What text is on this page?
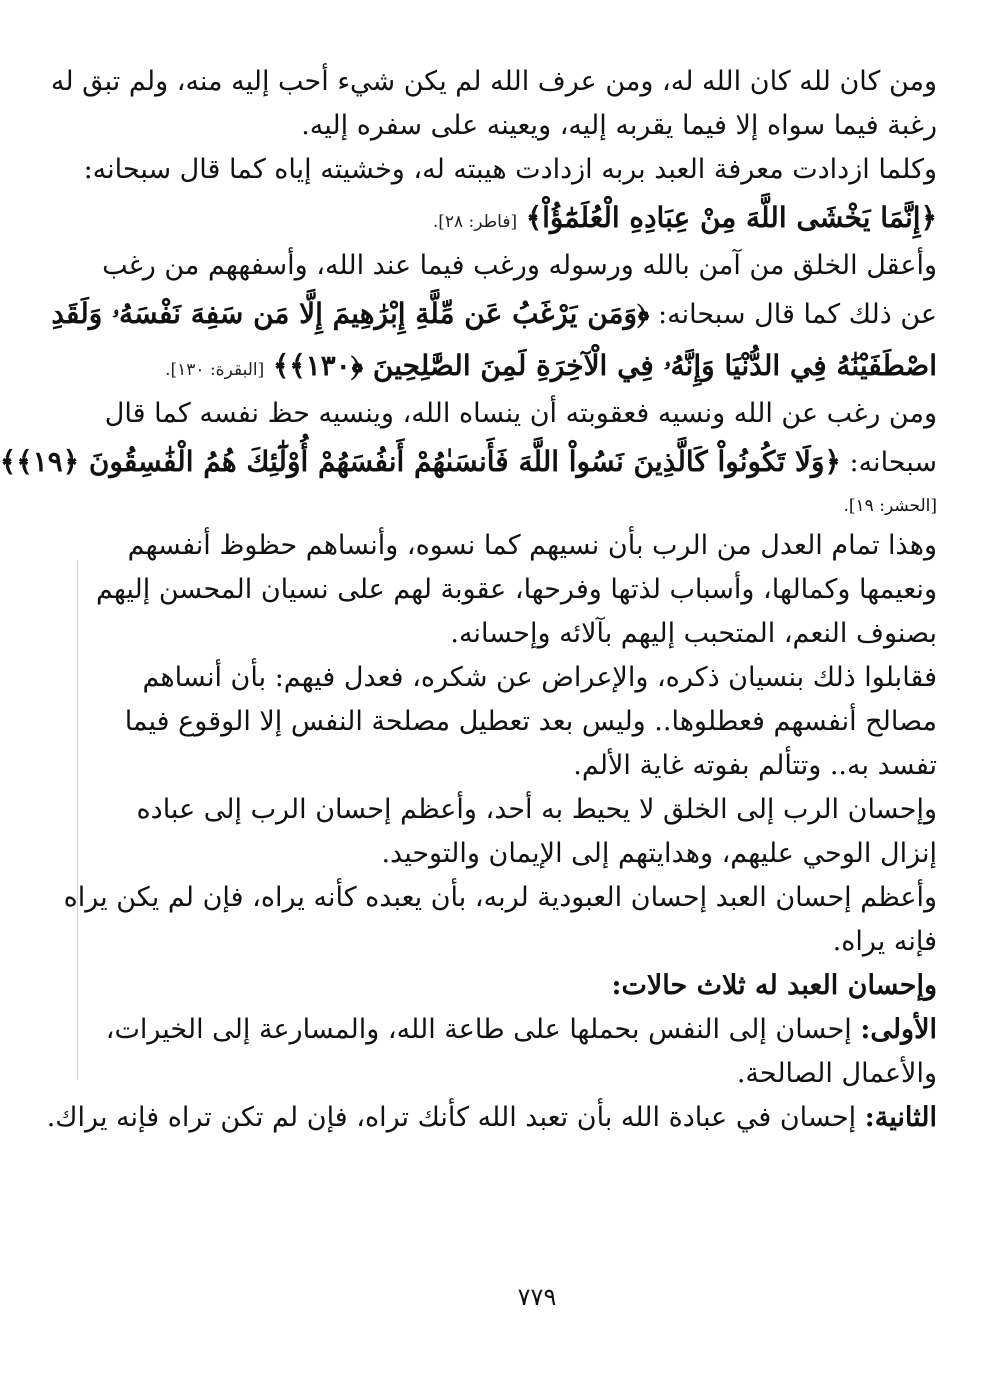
ومن كان لله كان الله له، ومن عرف الله لم يكن شيء أحب إليه منه، ولم تبق له
رغبة فيما سواه إلا فيما يقربه إليه، ويعينه على سفره إليه.
وكلما ازدادت معرفة العبد بربه ازدادت هيبته له، وخشيته إياه كما قال سبحانه:
﴿إِنَّمَا يَخْشَى اللَّهَ مِنْ عِبَادِهِ الْعُلَمَٰٓؤُاْ﴾ [فاطر: ٢٨].
وأعقل الخلق من آمن بالله ورسوله ورغب فيما عند الله، وأسفههم من رغب
عن ذلك كما قال سبحانه: ﴿وَمَن يَرْغَبُ عَن مِّلَّةِ إِبْرَٰهِيمَ إِلَّا مَن سَفِهَ نَفْسَهُۥ وَلَقَدِ
اصْطَفَيْنَٰهُ فِي الدُّنْيَا وَإِنَّهُۥ فِي الْآخِرَةِ لَمِنَ الصَّٰلِحِينَ ﴿١٣٠﴾﴾ [البقرة: ١٣٠].
ومن رغب عن الله ونسيه فعقوبته أن ينساه الله، وينسيه حظ نفسه كما قال
سبحانه: ﴿وَلَا تَكُونُواْ كَالَّذِينَ نَسُواْ اللَّهَ فَأَنسَىٰهُمْ أَنفُسَهُمْ أُوْلَٰٓئِكَ هُمُ الْفَٰسِقُونَ ﴿١٩﴾﴾
[الحشر: ١٩].
وهذا تمام العدل من الرب بأن نسيهم كما نسوه، وأنساهم حظوظ أنفسهم
ونعيمها وكمالها، وأسباب لذتها وفرحها، عقوبة لهم على نسيان المحسن إليهم
بصنوف النعم، المتحبب إليهم بآلائه وإحسانه.
فقابلوا ذلك بنسيان ذكره، والإعراض عن شكره، فعدل فيهم: بأن أنساهم
مصالح أنفسهم فعطلوها.. وليس بعد تعطيل مصلحة النفس إلا الوقوع فيما
تفسد به.. وتتألم بفوته غاية الألم.
وإحسان الرب إلى الخلق لا يحيط به أحد، وأعظم إحسان الرب إلى عباده
إنزال الوحي عليهم، وهدايتهم إلى الإيمان والتوحيد.
وأعظم إحسان العبد إحسان العبودية لربه، بأن يعبده كأنه يراه، فإن لم يكن يراه
فإنه يراه.
وإحسان العبد له ثلاث حالات:
الأولى: إحسان إلى النفس بحملها على طاعة الله، والمسارعة إلى الخيرات،
والأعمال الصالحة.
الثانية: إحسان في عبادة الله بأن تعبد الله كأنك تراه، فإن لم تكن تراه فإنه يراك.
٧٧٩
